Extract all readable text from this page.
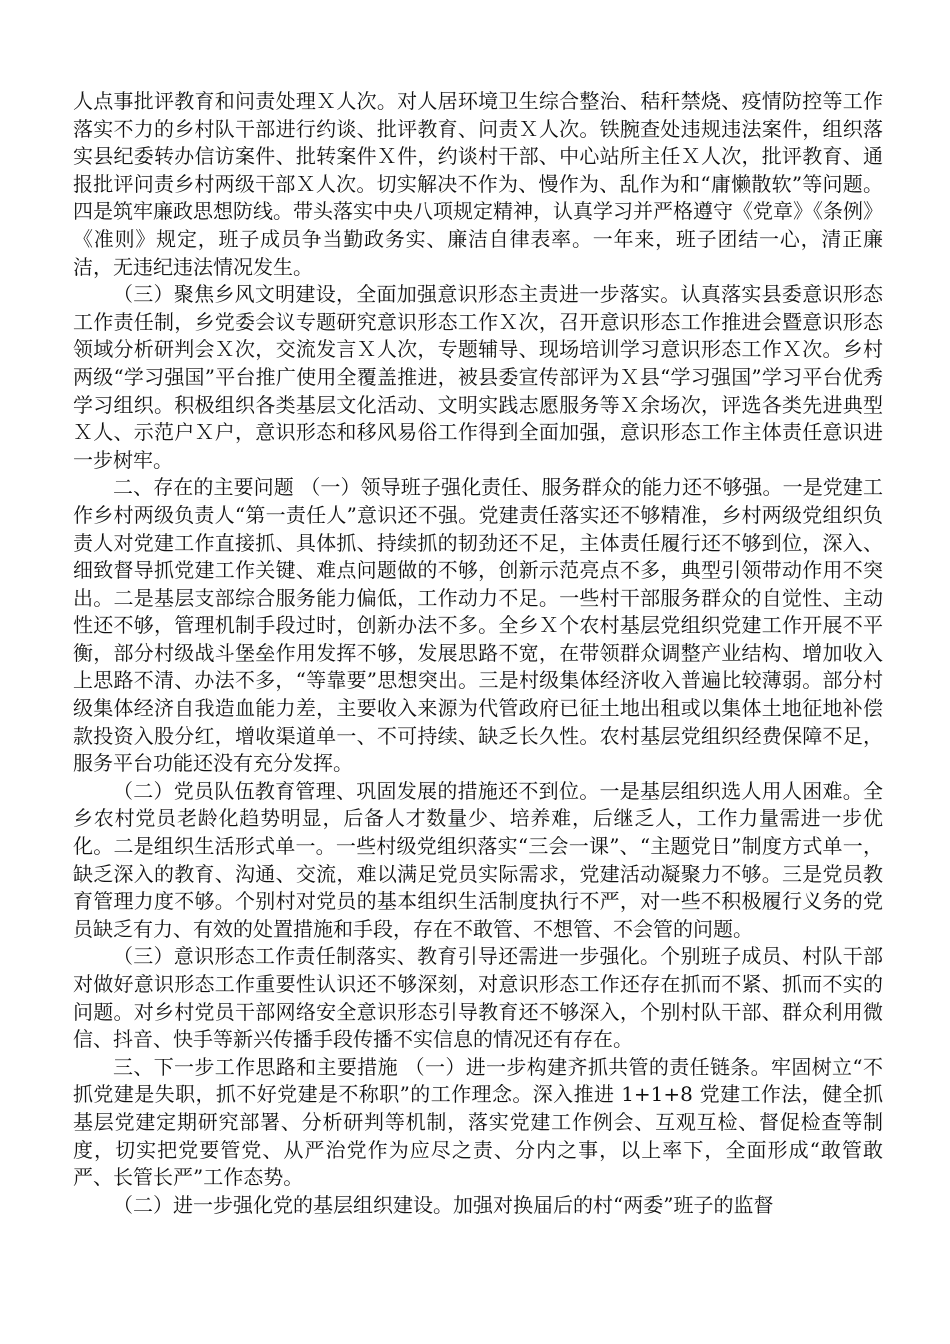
人点事批评教育和问责处理Ｘ人次。对人居环境卫生综合整治、秸秆禁烧、疫情防控等工作落实不力的乡村队干部进行约谈、批评教育、问责Ｘ人次。铁腕查处违规违法案件，组织落实县纪委转办信访案件、批转案件Ｘ件，约谈村干部、中心站所主任Ｘ人次，批评教育、通报批评问责乡村两级干部Ｘ人次。切实解决不作为、慢作为、乱作为和“庸懒散软”等问题。四是筑牢廉政思想防线。带头落实中央八项规定精神，认真学习并严格遵守《党章》《条例》《准则》规定，班子成员争当勤政务实、廉洁自律表率。一年来，班子团结一心，清正廉洁，无违纪违法情况发生。

（三）聚焦乡风文明建设，全面加强意识形态主责进一步落实。认真落实县委意识形态工作责任制，乡党委会议专题研究意识形态工作Ｘ次，召开意识形态工作推进会暨意识形态领域分析研判会Ｘ次，交流发言Ｘ人次，专题辅导、现场培训学习意识形态工作Ｘ次。乡村两级“学习强国”平台推广使用全覆盖推进，被县委宣传部评为Ｘ县“学习强国”学习平台优秀学习组织。积极组织各类基层文化活动、文明实践志愿服务等Ｘ余场次，评选各类先进典型Ｘ人、示范户Ｘ户，意识形态和移风易俗工作得到全面加强，意识形态工作主体责任意识进一步树牢。

二、存在的主要问题 （一）领导班子强化责任、服务群众的能力还不够强。一是党建工作乡村两级负责人“第一责任人”意识还不强。党建责任落实还不够精准，乡村两级党组织负责人对党建工作直接抓、具体抓、持续抓的韧劲还不足，主体责任履行还不够到位，深入、细致督导抓党建工作关键、难点问题做的不够，创新示范亮点不多，典型引领带动作用不突出。二是基层支部综合服务能力偏低，工作动力不足。一些村干部服务群众的自觉性、主动性还不够，管理机制手段过时，创新办法不多。全乡Ｘ个农村基层党组织党建工作开展不平衡，部分村级战斗堡垒作用发挥不够，发展思路不宽，在带领群众调整产业结构、增加收入上思路不清、办法不多，“等靠要”思想突出。三是村级集体经济收入普遍比较薄弱。部分村级集体经济自我造血能力差，主要收入来源为代管政府已征土地出租或以集体土地征地补偿款投资入股分红，增收渠道单一、不可持续、缺乏长久性。农村基层党组织经费保障不足，服务平台功能还没有充分发挥。

（二）党员队伍教育管理、巩固发展的措施还不到位。一是基层组织选人用人困难。全乡农村党员老龄化趋势明显，后备人才数量少、培养难，后继乏人，工作力量需进一步优化。二是组织生活形式单一。一些村级党组织落实“三会一课”、“主题党日”制度方式单一，缺乏深入的教育、沟通、交流，难以满足党员实际需求，党建活动凝聚力不够。三是党员教育管理力度不够。个别村对党员的基本组织生活制度执行不严，对一些不积极履行义务的党员缺乏有力、有效的处置措施和手段，存在不敢管、不想管、不会管的问题。

（三）意识形态工作责任制落实、教育引导还需进一步强化。个别班子成员、村队干部对做好意识形态工作重要性认识还不够深刻，对意识形态工作还存在抓而不紧、抓而不实的问题。对乡村党员干部网络安全意识形态引导教育还不够深入，个别村队干部、群众利用微信、抖音、快手等新兴传播手段传播不实信息的情况还有存在。

三、下一步工作思路和主要措施 （一）进一步构建齐抓共管的责任链条。牢固树立“不抓党建是失职，抓不好党建是不称职”的工作理念。深入推进 1+1+8 党建工作法，健全抓基层党建定期研究部署、分析研判等机制，落实党建工作例会、互观互检、督促检查等制度，切实把党要管党、从严治党作为应尽之责、分内之事，以上率下，全面形成“敢管敢严、长管长严”工作态势。

（二）进一步强化党的基层组织建设。加强对换届后的村“两委”班子的监督
